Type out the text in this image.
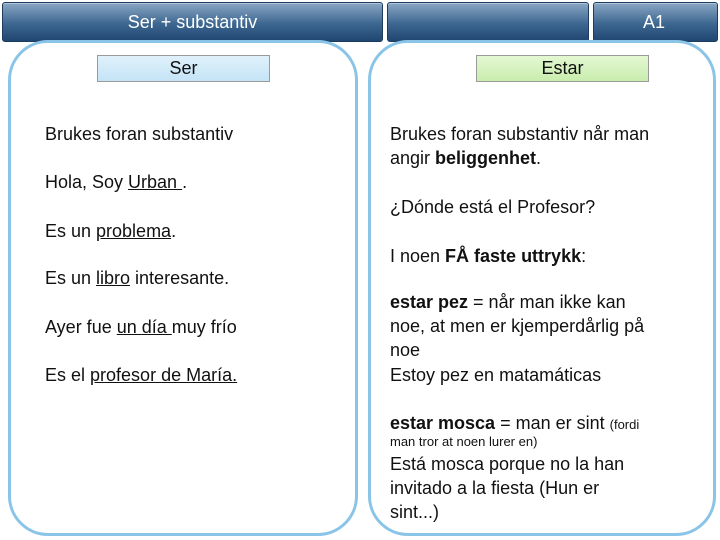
Ser + substantiv	A1
Ser	Estar
Brukes foran substantiv
Hola, Soy Urban .
Es un problema.
Es un libro interesante.
Ayer fue un día muy frío
Es el profesor de María.
Brukes foran substantiv når man
angir beliggenhet.
¿Dónde está el Profesor?
I noen FÅ faste uttrykk:
estar pez = når man ikke kan
noe, at men er kjemperdårlig på
noe
Estoy pez en matamáticas
estar mosca = man er sint (fordi
man tror at noen lurer en)
Está mosca porque no la han
invitado a la fiesta (Hun er
sint...)
